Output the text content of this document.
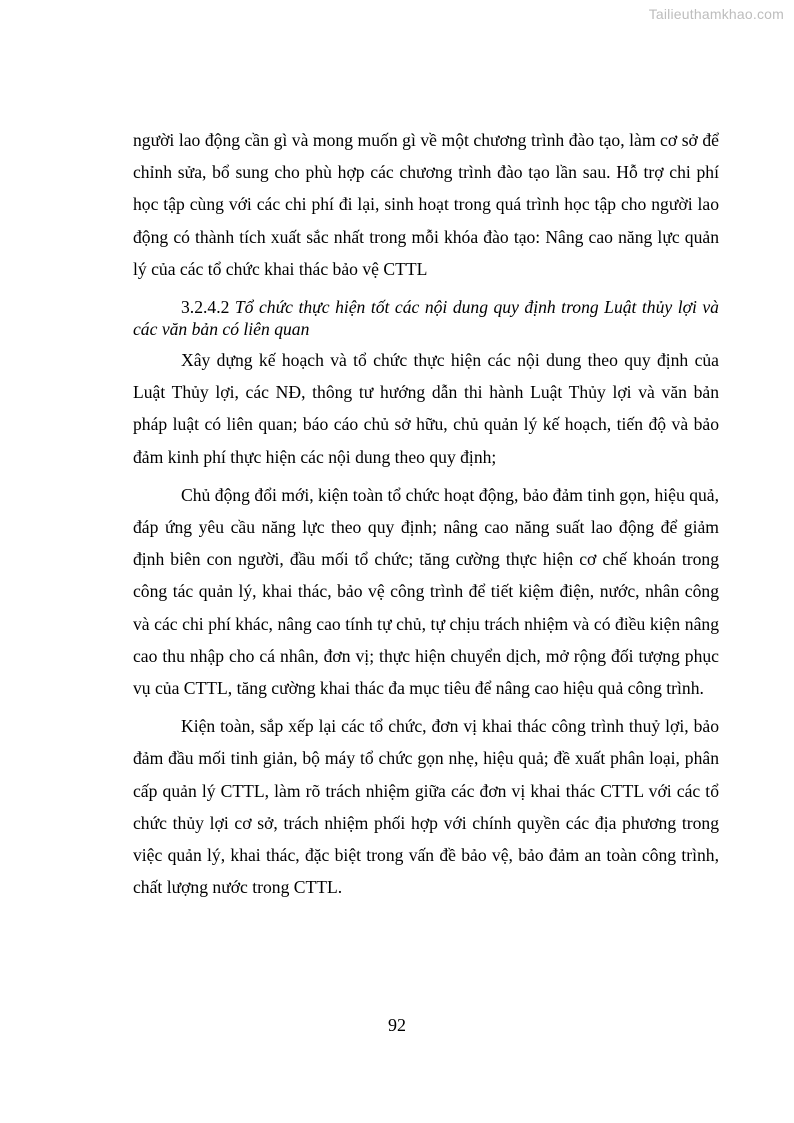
Tailieuthamkhao.com

người lao động cần gì và mong muốn gì về một chương trình đào tạo, làm cơ sở để chỉnh sửa, bổ sung cho phù hợp các chương trình đào tạo lần sau. Hỗ trợ chi phí học tập cùng với các chi phí đi lại, sinh hoạt trong quá trình học tập cho người lao động có thành tích xuất sắc nhất trong mỗi khóa đào tạo: Nâng cao năng lực quản lý của các tổ chức khai thác bảo vệ CTTL

3.2.4.2 Tổ chức thực hiện tốt các nội dung quy định trong Luật thủy lợi và các văn bản có liên quan

Xây dựng kế hoạch và tổ chức thực hiện các nội dung theo quy định của Luật Thủy lợi, các NĐ, thông tư hướng dẫn thi hành Luật Thủy lợi và văn bản pháp luật có liên quan; báo cáo chủ sở hữu, chủ quản lý kế hoạch, tiến độ và bảo đảm kinh phí thực hiện các nội dung theo quy định;

Chủ động đổi mới, kiện toàn tổ chức hoạt động, bảo đảm tinh gọn, hiệu quả, đáp ứng yêu cầu năng lực theo quy định; nâng cao năng suất lao động để giảm định biên con người, đầu mối tổ chức; tăng cường thực hiện cơ chế khoán trong công tác quản lý, khai thác, bảo vệ công trình để tiết kiệm điện, nước, nhân công và các chi phí khác, nâng cao tính tự chủ, tự chịu trách nhiệm và có điều kiện nâng cao thu nhập cho cá nhân, đơn vị; thực hiện chuyển dịch, mở rộng đối tượng phục vụ của CTTL, tăng cường khai thác đa mục tiêu để nâng cao hiệu quả công trình.

Kiện toàn, sắp xếp lại các tổ chức, đơn vị khai thác công trình thuỷ lợi, bảo đảm đầu mối tinh giản, bộ máy tổ chức gọn nhẹ, hiệu quả; đề xuất phân loại, phân cấp quản lý CTTL, làm rõ trách nhiệm giữa các đơn vị khai thác CTTL với các tổ chức thủy lợi cơ sở, trách nhiệm phối hợp với chính quyền các địa phương trong việc quản lý, khai thác, đặc biệt trong vấn đề bảo vệ, bảo đảm an toàn công trình, chất lượng nước trong CTTL.

92
